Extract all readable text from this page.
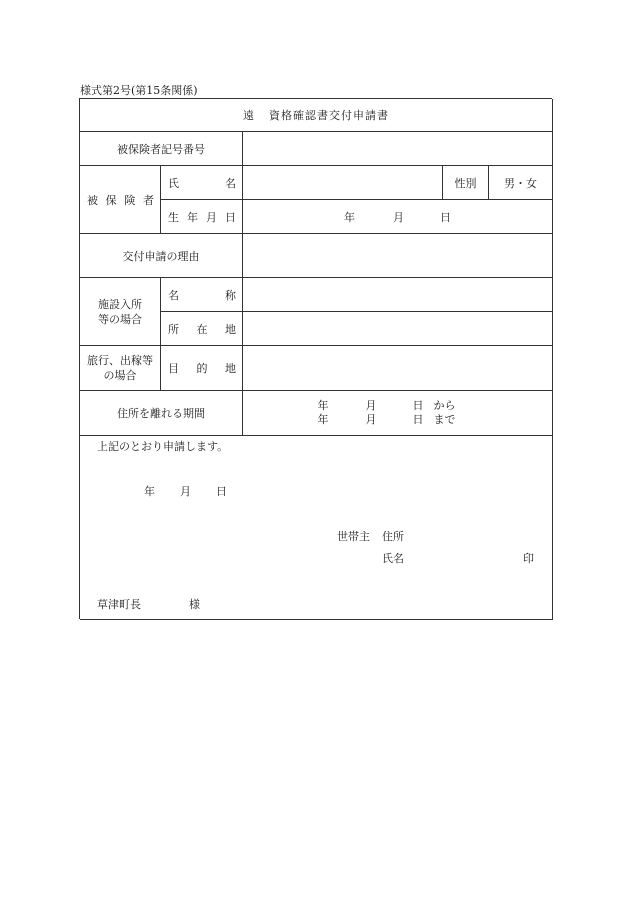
様式第2号(第15条関係)
遠 資格確認書交付申請書
被保険者記号番号
被 保 険 者
氏	名	性別	男・女
生 年 月 日	年	月	日
交付申請の理由
施 設 入 所
等 の 場 合
名	称
所 在 地
旅行、出稼等
の 場 合
目 的 地
住所を離れる期間
年	月	日 から
年	月	日 まで
上記のとおり申請します。
年 月 日
世帯主 住所
氏名	印
草津町長	様
